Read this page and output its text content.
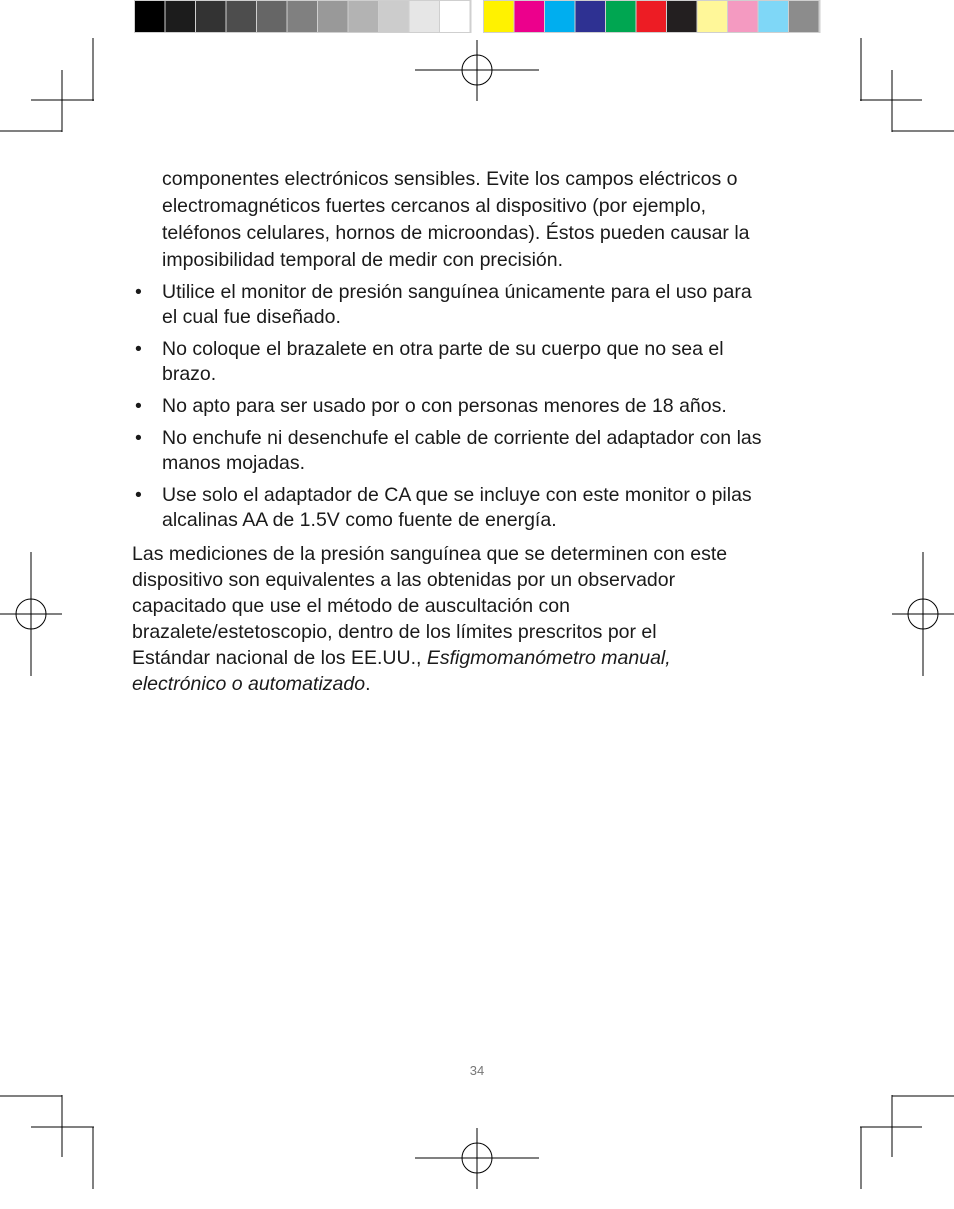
componentes electrónicos sensibles. Evite los campos eléctricos o electromagnéticos fuertes cercanos al dispositivo (por ejemplo, teléfonos celulares, hornos de microondas). Éstos pueden causar la imposibilidad temporal de medir con precisión.

• Utilice el monitor de presión sanguínea únicamente para el uso para el cual fue diseñado.
• No coloque el brazalete en otra parte de su cuerpo que no sea el brazo.
• No apto para ser usado por o con personas menores de 18 años.
• No enchufe ni desenchufe el cable de corriente del adaptador con las manos mojadas.
• Use solo el adaptador de CA que se incluye con este monitor o pilas alcalinas AA de 1.5V como fuente de energía.

Las mediciones de la presión sanguínea que se determinen con este dispositivo son equivalentes a las obtenidas por un observador capacitado que use el método de auscultación con brazalete/estetoscopio, dentro de los límites prescritos por el Estándar nacional de los EE.UU., Esfigmomanómetro manual, electrónico o automatizado.

34
